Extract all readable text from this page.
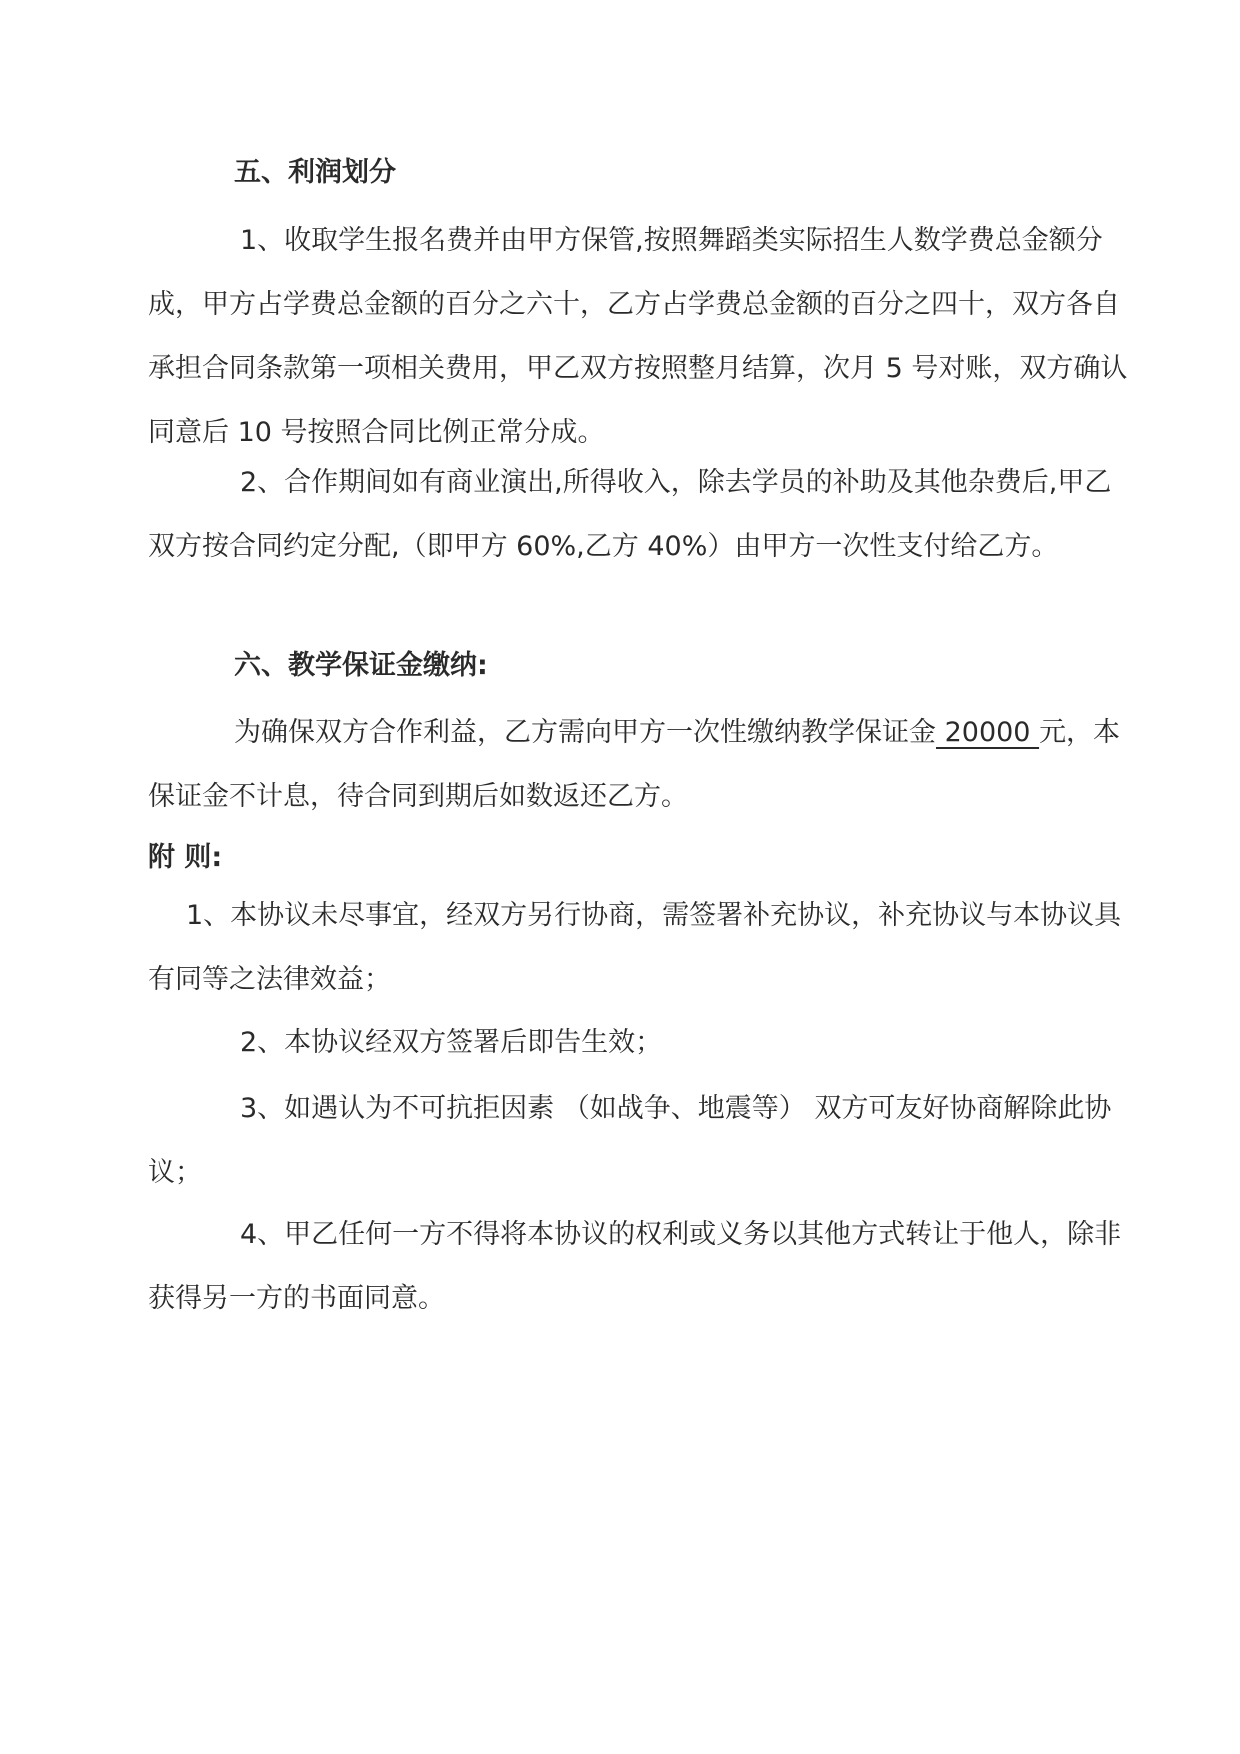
五、利润划分

1、收取学生报名费并由甲方保管,按照舞蹈类实际招生人数学费总金额分成，甲方占学费总金额的百分之六十，乙方占学费总金额的百分之四十，双方各自承担合同条款第一项相关费用，甲乙双方按照整月结算，次月 5 号对账，双方确认同意后 10 号按照合同比例正常分成。

2、合作期间如有商业演出,所得收入，除去学员的补助及其他杂费后,甲乙双方按合同约定分配,（即甲方 60%,乙方 40%）由甲方一次性支付给乙方。

六、教学保证金缴纳:

为确保双方合作利益，乙方需向甲方一次性缴纳教学保证金 20000 元，本保证金不计息，待合同到期后如数返还乙方。

附 则:

1、本协议未尽事宜，经双方另行协商，需签署补充协议，补充协议与本协议具有同等之法律效益；

2、本协议经双方签署后即告生效；

3、如遇认为不可抗拒因素 （如战争、地震等） 双方可友好协商解除此协议；

4、甲乙任何一方不得将本协议的权利或义务以其他方式转让于他人，除非获得另一方的书面同意。
